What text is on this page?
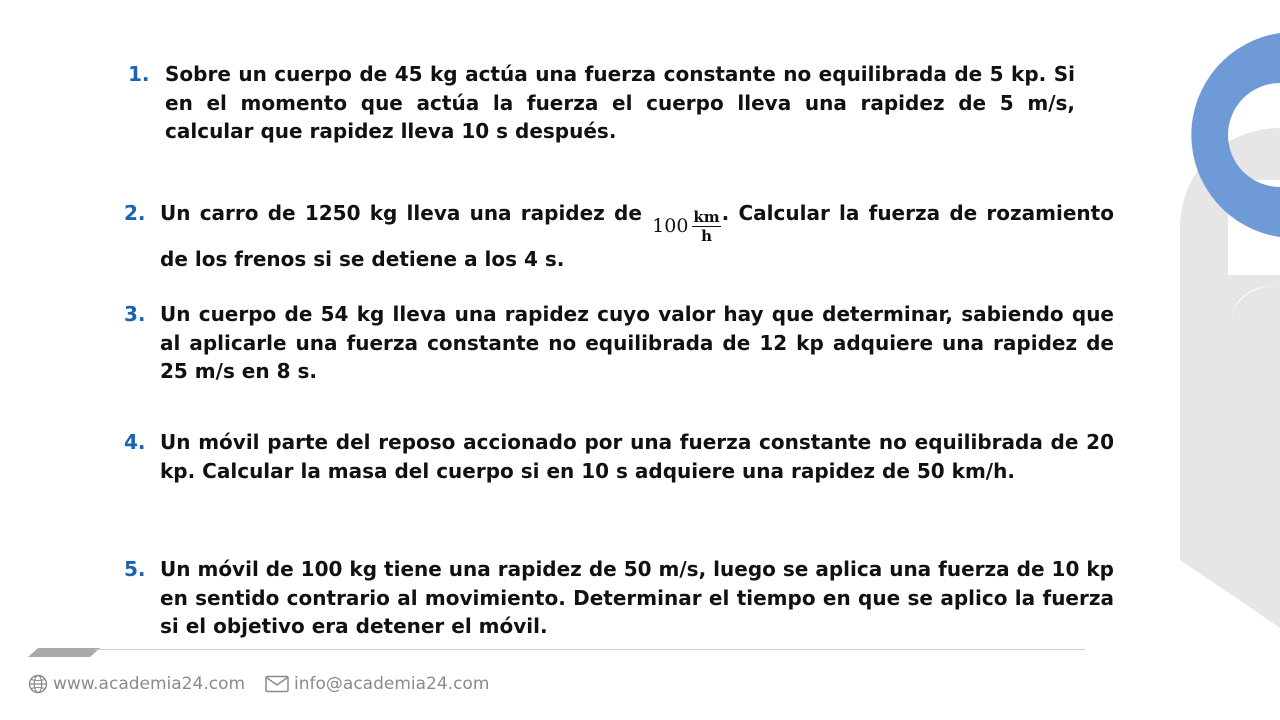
1. Sobre un cuerpo de 45 kg actúa una fuerza constante no equilibrada de 5 kp. Si en el momento que actúa la fuerza el cuerpo lleva una rapidez de 5 m/s, calcular que rapidez lleva 10 s después.
2. Un carro de 1250 kg lleva una rapidez de
$100 \frac{km}{h}$ . Calcular la fuerza de rozamiento de los frenos si se detiene a los 4 s.
3. Un cuerpo de 54 kg lleva una rapidez cuyo valor hay que determinar, sabiendo que al aplicarle una fuerza constante no equilibrada de 12 kp adquiere una rapidez de 25 m/s en 8 s.
4. Un móvil parte del reposo accionado por una fuerza constante no equilibrada de 20 kp. Calcular la masa del cuerpo si en 10 s adquiere una rapidez de 50 km/h.
5. Un móvil de 100 kg tiene una rapidez de 50 m/s, luego se aplica una fuerza de 10 kp en sentido contrario al movimiento. Determinar el tiempo en que se aplico la fuerza si el objetivo era detener el móvil.
www.academia24.com	info@academia24.com
